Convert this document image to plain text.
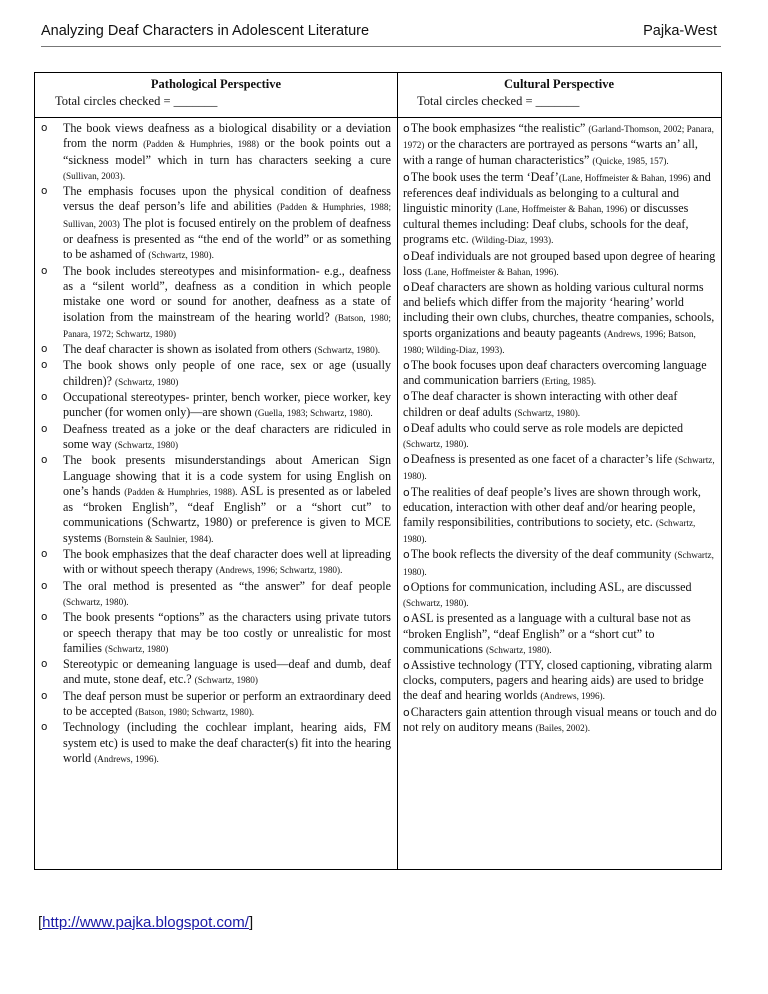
Analyzing Deaf Characters in Adolescent Literature	Pajka-West
Pathological Perspective
Total circles checked = _______
Cultural Perspective
Total circles checked = _______
o The book views deafness as a biological disability or a deviation from the norm (Padden & Humphries, 1988) or the book points out a “sickness model” which in turn has characters seeking a cure (Sullivan, 2003).
o The emphasis focuses upon the physical condition of deafness versus the deaf person’s life and abilities (Padden & Humphries, 1988; Sullivan, 2003) The plot is focused entirely on the problem of deafness or deafness is presented as “the end of the world” or as something to be ashamed of (Schwartz, 1980).
o The book includes stereotypes and misinformation- e.g., deafness as a “silent world”, deafness as a condition in which people mistake one word or sound for another, deafness as a state of isolation from the mainstream of the hearing world? (Batson, 1980; Panara, 1972; Schwartz, 1980)
o The deaf character is shown as isolated from others (Schwartz, 1980).
o The book shows only people of one race, sex or age (usually children)? (Schwartz, 1980)
o Occupational stereotypes- printer, bench worker, piece worker, key puncher (for women only)—are shown (Guella, 1983; Schwartz, 1980).
o Deafness treated as a joke or the deaf characters are ridiculed in some way (Schwartz, 1980)
o The book presents misunderstandings about American Sign Language showing that it is a code system for using English on one’s hands (Padden & Humphries, 1988). ASL is presented as or labeled as “broken English”, “deaf English” or a “short cut” to communications (Schwartz, 1980) or preference is given to MCE systems (Bornstein & Saulnier, 1984).
o The book emphasizes that the deaf character does well at lipreading with or without speech therapy (Andrews, 1996; Schwartz, 1980).
o The oral method is presented as “the answer” for deaf people (Schwartz, 1980).
o The book presents “options” as the characters using private tutors or speech therapy that may be too costly or unrealistic for most families (Schwartz, 1980)
o Stereotypic or demeaning language is used—deaf and dumb, deaf and mute, stone deaf, etc.? (Schwartz, 1980)
o The deaf person must be superior or perform an extraordinary deed to be accepted (Batson, 1980; Schwartz, 1980).
o Technology (including the cochlear implant, hearing aids, FM system etc) is used to make the deaf character(s) fit into the hearing world (Andrews, 1996).
oThe book emphasizes “the realistic” (Garland-Thomson, 2002; Panara, 1972) or the characters are portrayed as persons “warts an’ all, with a range of human characteristics” (Quicke, 1985, 157).
oThe book uses the term ‘Deaf’(Lane, Hoffmeister & Bahan, 1996) and references deaf individuals as belonging to a cultural and linguistic minority (Lane, Hoffmeister & Bahan, 1996) or discusses cultural themes including: Deaf clubs, schools for the deaf, programs etc. (Wilding-Diaz, 1993).
oDeaf individuals are not grouped based upon degree of hearing loss (Lane, Hoffmeister & Bahan, 1996).
oDeaf characters are shown as holding various cultural norms and beliefs which differ from the majority ‘hearing’ world including their own clubs, churches, theatre companies, schools, sports organizations and beauty pageants (Andrews, 1996; Batson, 1980; Wilding-Diaz, 1993).
oThe book focuses upon deaf characters overcoming language and communication barriers (Erting, 1985).
oThe deaf character is shown interacting with other deaf children or deaf adults (Schwartz, 1980).
oDeaf adults who could serve as role models are depicted (Schwartz, 1980).
oDeafness is presented as one facet of a character’s life (Schwartz, 1980).
oThe realities of deaf people’s lives are shown through work, education, interaction with other deaf and/or hearing people, family responsibilities, contributions to society, etc. (Schwartz, 1980).
oThe book reflects the diversity of the deaf community (Schwartz, 1980).
oOptions for communication, including ASL, are discussed (Schwartz, 1980).
oASL is presented as a language with a cultural base not as “broken English”, “deaf English” or a “short cut” to communications (Schwartz, 1980).
oAssistive technology (TTY, closed captioning, vibrating alarm clocks, computers, pagers and hearing aids) are used to bridge the deaf and hearing worlds (Andrews, 1996).
oCharacters gain attention through visual means or touch and do not rely on auditory means (Bailes, 2002).
[http://www.pajka.blogspot.com/]
